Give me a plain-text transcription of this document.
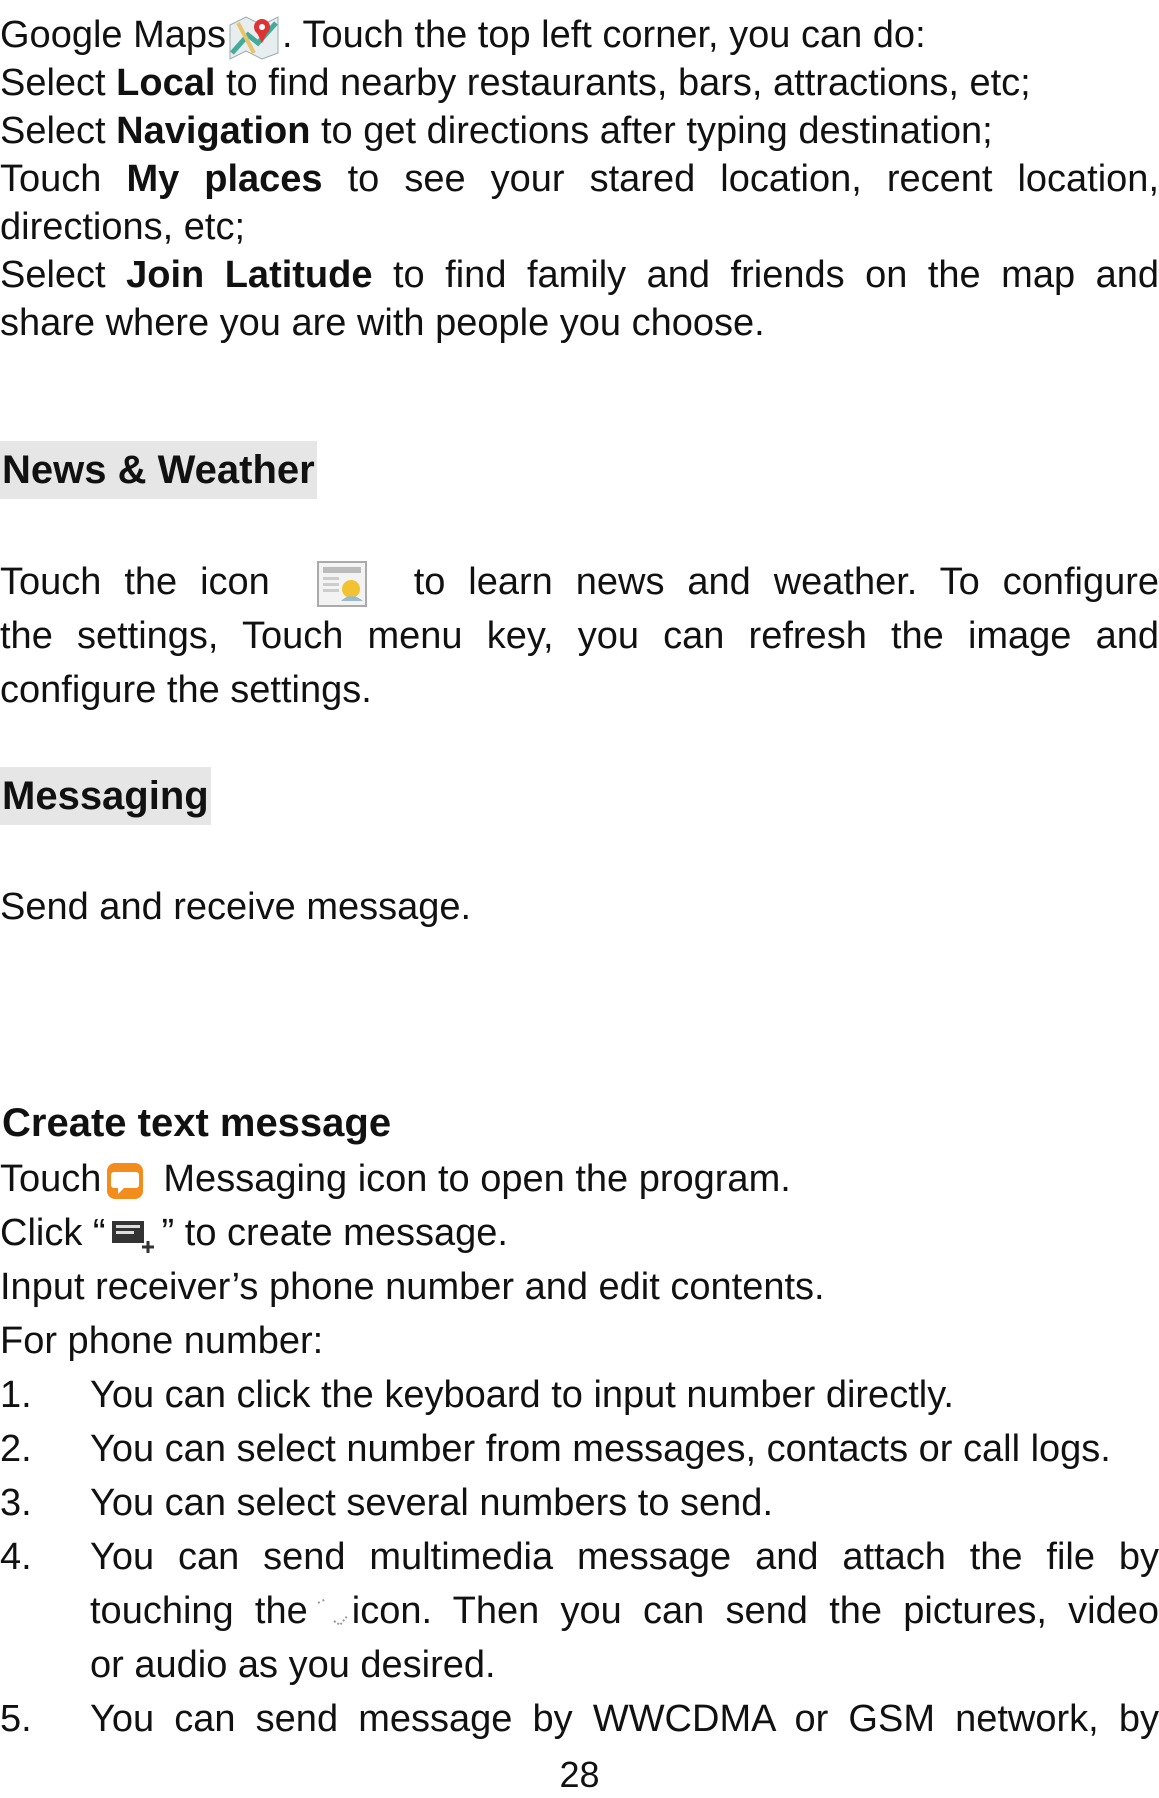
Google Maps . Touch the top left corner, you can do:

Select Local to find nearby restaurants, bars, attractions, etc;

Select Navigation to get directions after typing destination;

Touch My places to see your stared location, recent location,

directions, etc;

Select Join Latitude to find family and friends on the map and

share where you are with people you choose.

News & Weather

Touch the icon	to learn news and weather. To configure

the settings, Touch menu key, you can refresh the image and

configure the settings.

Messaging

Send and receive message.

Create text message

Touch Messaging icon to open the program.

Click “ ” to create message.

Input receiver’s phone number and edit contents.

For phone number:

1.	You can click the keyboard to input number directly.
2.	You can select number from messages, contacts or call logs.
3.	You can select several numbers to send.
4.	You can send multimedia message and attach the file by
touching the icon. Then you can send the pictures, video
or audio as you desired.
5.	You can send message by WWCDMA or GSM network, by
28
